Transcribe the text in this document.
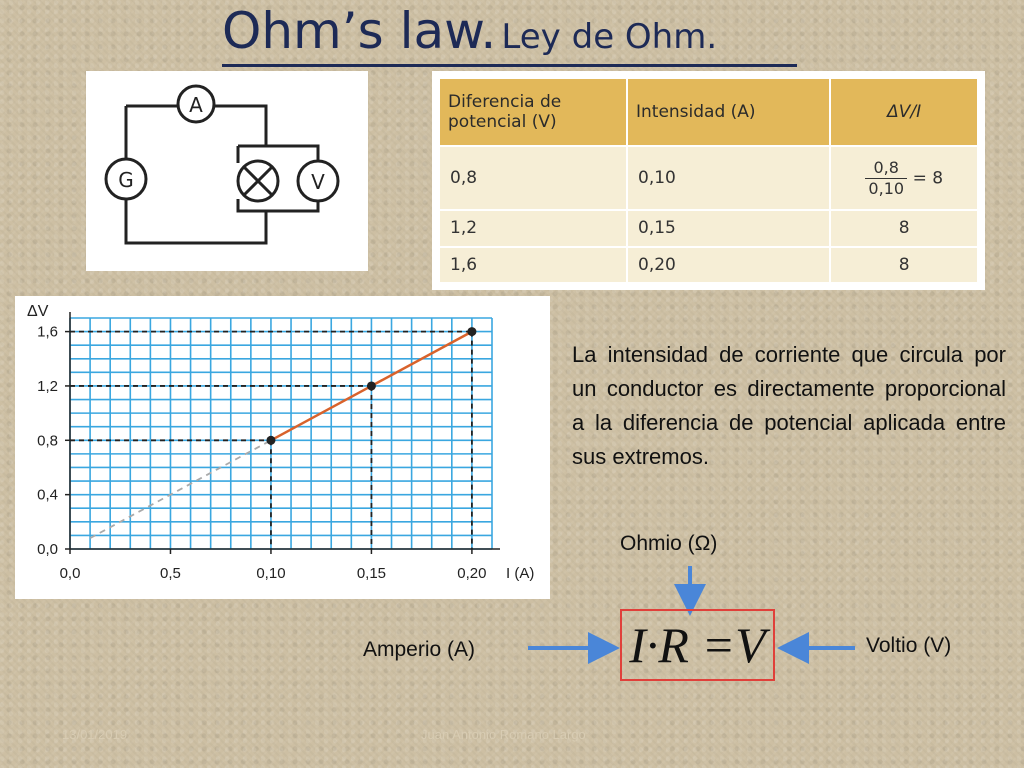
Ohm’s law. Ley de Ohm.
A
G	V
Diferencia de potencial (V)	Intensidad (A)	ΔV/I
0,8	0,10	$\frac{0,8}{0,10} = 8$
1,2	0,15	8
1,6	0,20	8
0,0	0,5	0,10	0,15	0,20
0,0
0,4
0,8
1,2
1,6
ΔV
I (A)
La intensidad de corriente que circula por un conductor es directamente proporcional a la diferencia de potencial aplicada entre sus extremos.
Ohmio (Ω)
Amperio (A)	Voltio (V)
I·R =V
13/01/2019	Juan Antonio Romano Largo
